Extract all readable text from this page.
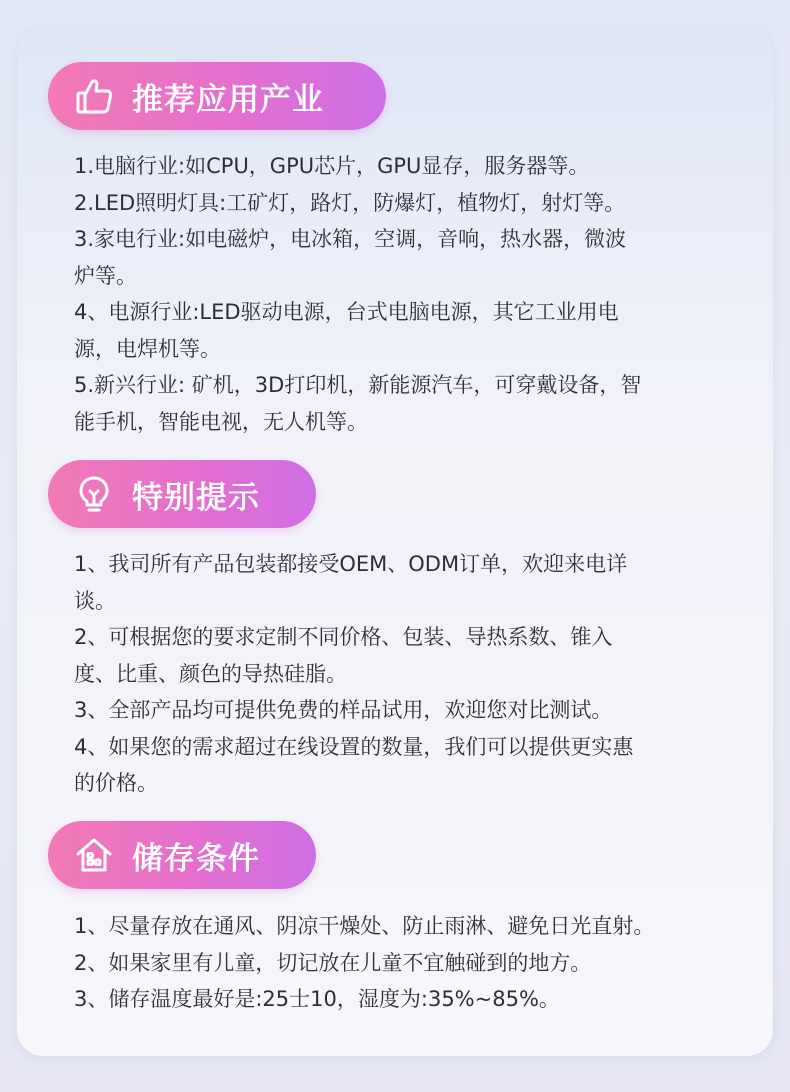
推荐应用产业
1.电脑行业:如CPU，GPU芯片，GPU显存，服务器等。
2.LED照明灯具:工矿灯，路灯，防爆灯，植物灯，射灯等。
3.家电行业:如电磁炉，电冰箱，空调，音响，热水器，微波
炉等。
4、电源行业:LED驱动电源，台式电脑电源，其它工业用电
源，电焊机等。
5.新兴行业: 矿机，3D打印机，新能源汽车，可穿戴设备，智
能手机，智能电视，无人机等。
特别提示
1、我司所有产品包装都接受OEM、ODM订单，欢迎来电详
谈。
2、可根据您的要求定制不同价格、包装、导热系数、锥入
度、比重、颜色的导热硅脂。
3、全部产品均可提供免费的样品试用，欢迎您对比测试。
4、如果您的需求超过在线设置的数量，我们可以提供更实惠
的价格。
储存条件
1、尽量存放在通风、阴凉干燥处、防止雨淋、避免日光直射。
2、如果家里有儿童，切记放在儿童不宜触碰到的地方。
3、储存温度最好是:25士10，湿度为:35%~85%。
